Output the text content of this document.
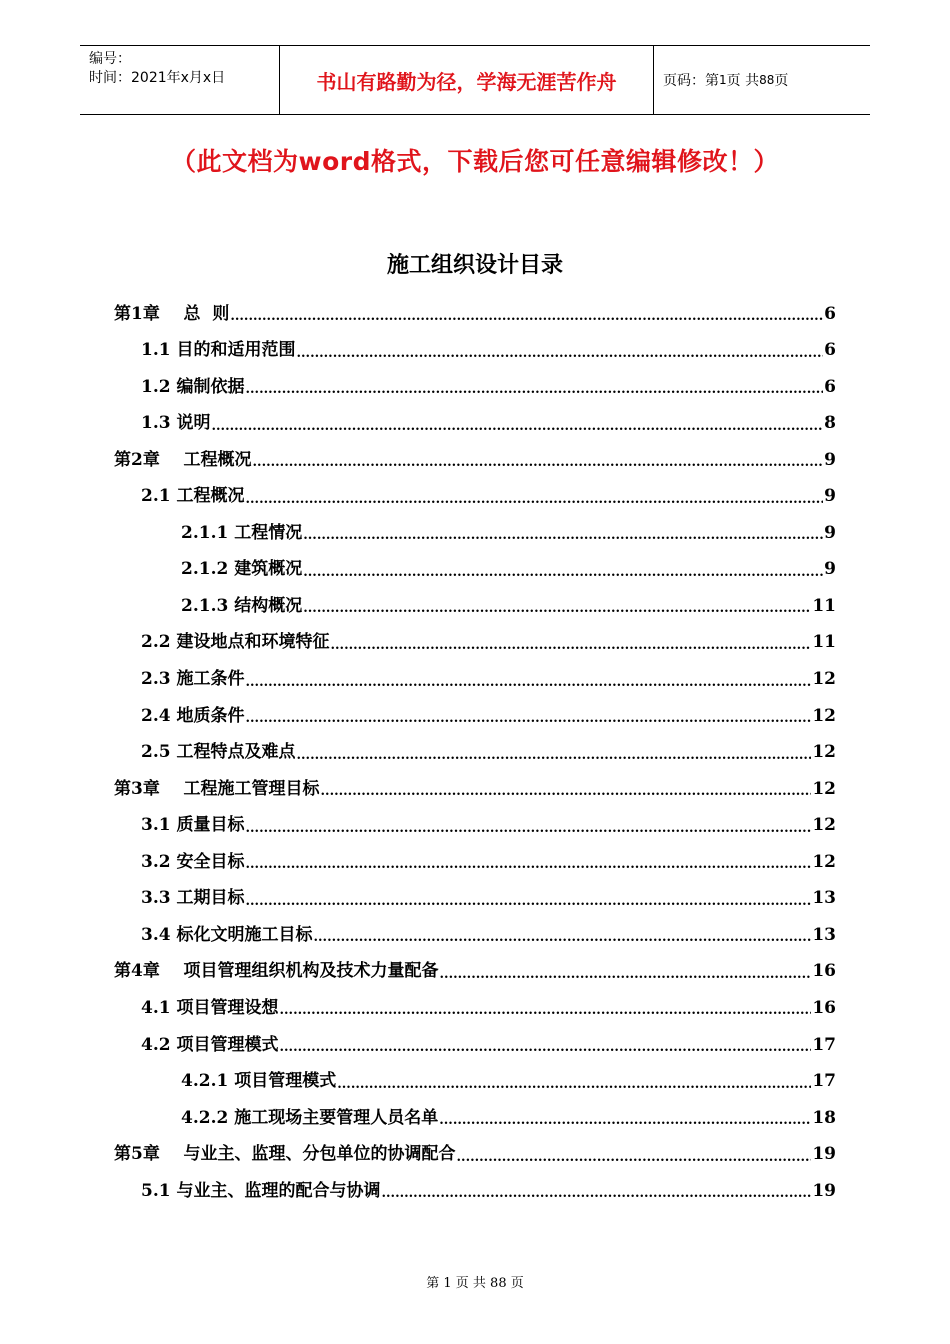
编号：
时间：2021年x月x日	书山有路勤为径，学海无涯苦作舟	页码：第 1 页 共 88 页
（此文档为word格式，下载后您可任意编辑修改！）
施工组织设计目录
第1章    总  则 .....	6
1.1 目的和适用范围 .....	6
1.2 编制依据 .....	6
1.3 说明 .....	8
第2章    工程概况 .....	9
2.1 工程概况 .....	9
2.1.1 工程情况 .....	9
2.1.2 建筑概况 .....	9
2.1.3 结构概况 .....	11
2.2 建设地点和环境特征 .....	11
2.3 施工条件 .....	12
2.4 地质条件 .....	12
2.5 工程特点及难点 .....	12
第3章    工程施工管理目标 .....	12
3.1 质量目标 .....	12
3.2 安全目标 .....	12
3.3 工期目标 .....	13
3.4 标化文明施工目标 .....	13
第4章    项目管理组织机构及技术力量配备 .....	16
4.1 项目管理设想 .....	16
4.2 项目管理模式 .....	17
4.2.1 项目管理模式 .....	17
4.2.2 施工现场主要管理人员名单 .....	18
第5章    与业主、监理、分包单位的协调配合 .....	19
5.1 与业主、监理的配合与协调 .....	19
第 1 页 共 88 页
